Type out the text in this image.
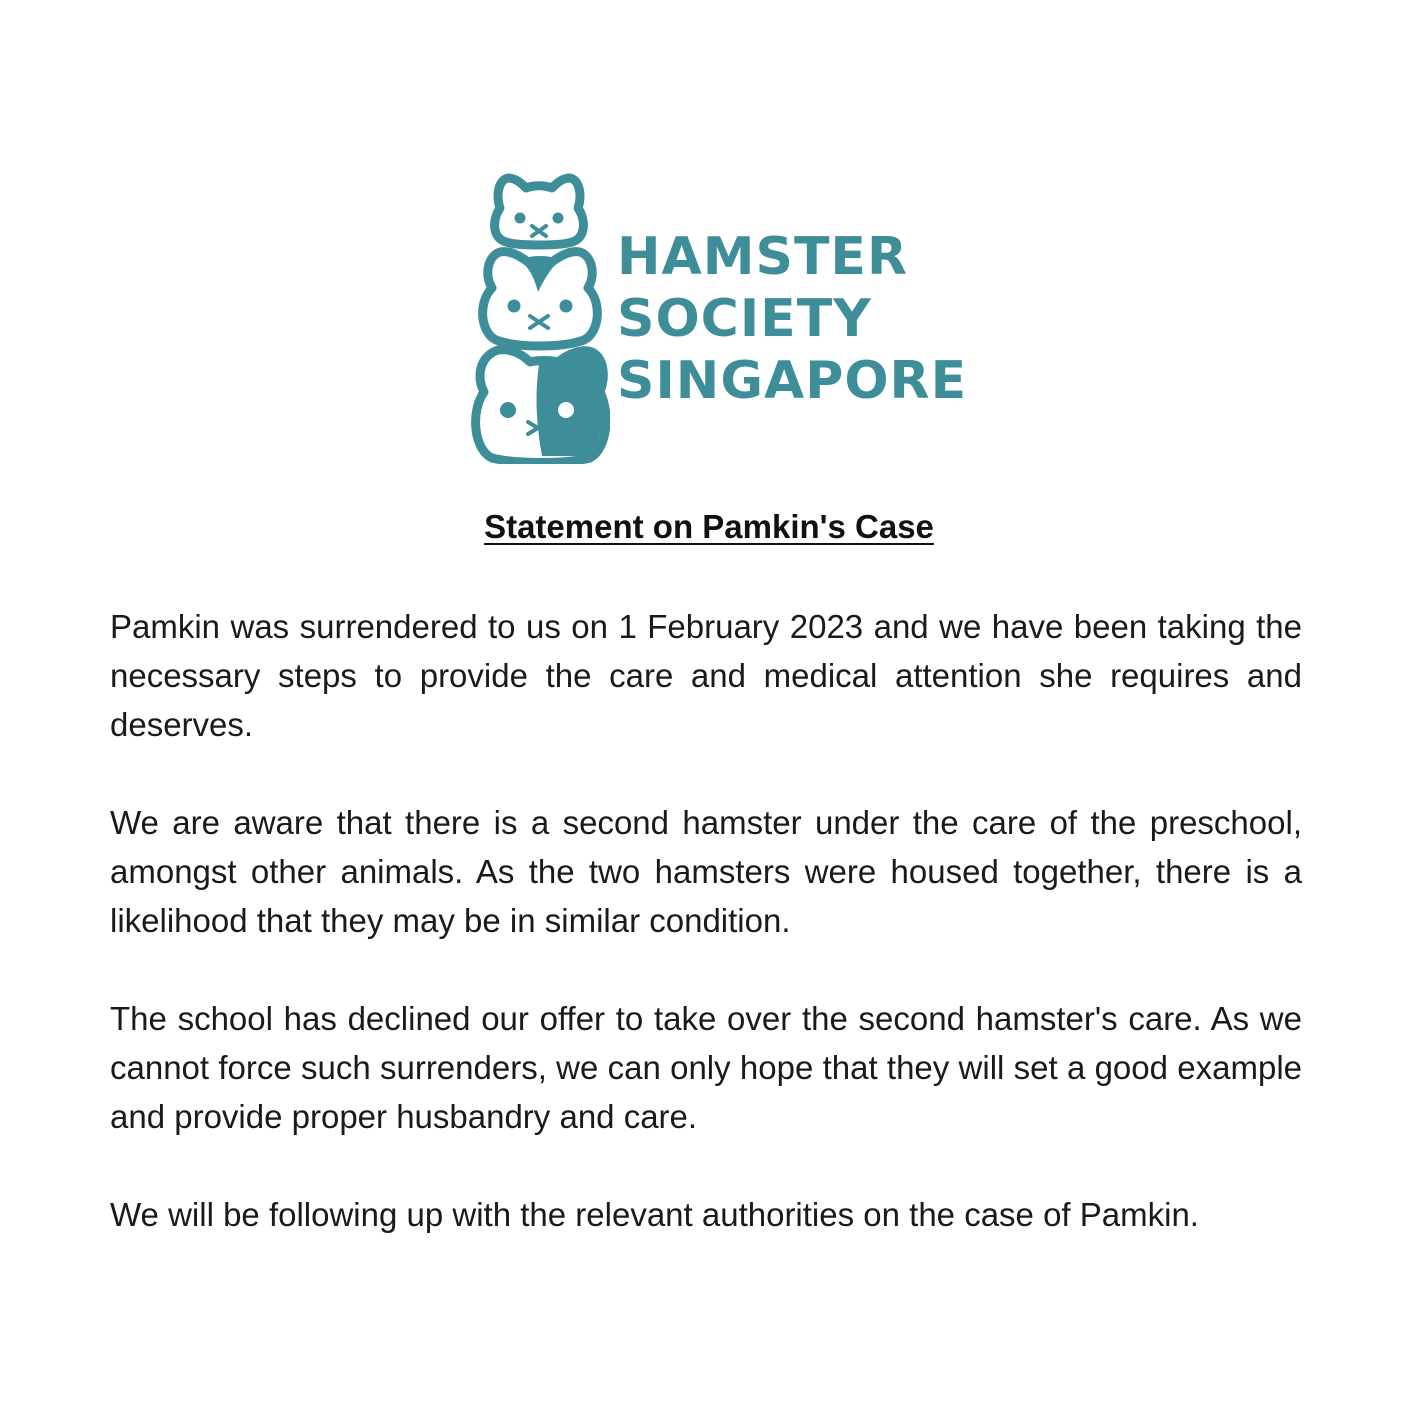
HAMSTER
SOCIETY
SINGAPORE
Statement on Pamkin's Case

Pamkin was surrendered to us on 1 February 2023 and we have been taking the necessary steps to provide the care and medical attention she requires and deserves.

We are aware that there is a second hamster under the care of the preschool, amongst other animals. As the two hamsters were housed together, there is a likelihood that they may be in similar condition.

The school has declined our offer to take over the second hamster's care. As we cannot force such surrenders, we can only hope that they will set a good example and provide proper husbandry and care.

We will be following up with the relevant authorities on the case of Pamkin.
